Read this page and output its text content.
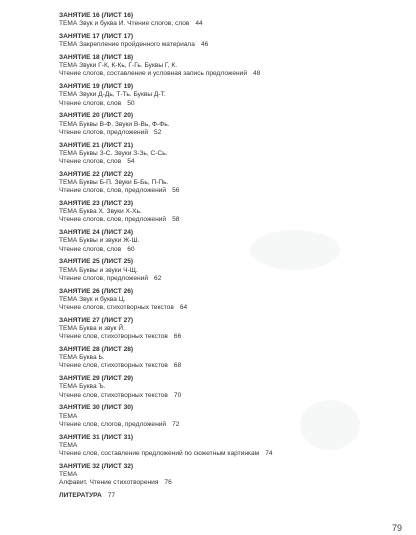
ЗАНЯТИЕ 16 (ЛИСТ 16)
ТЕМА Звук и буква И. Чтение слогов, слов 44
ЗАНЯТИЕ 17 (ЛИСТ 17)
ТЕМА Закрепление пройденного материала 46
ЗАНЯТИЕ 18 (ЛИСТ 18)
ТЕМА Звуки Г-К, К-Кь, Г-Гь. Буквы Г, К.
Чтение слогов, составление и условная запись предложений 48
ЗАНЯТИЕ 19 (ЛИСТ 19)
ТЕМА Звуки Д-Дь, Т-Ть. Буквы Д-Т.
Чтение слогов, слов 50
ЗАНЯТИЕ 20 (ЛИСТ 20)
ТЕМА Буквы В-Ф. Звуки В-Вь, Ф-Фь.
Чтение слогов, предложений 52
ЗАНЯТИЕ 21 (ЛИСТ 21)
ТЕМА Буквы З-С. Звуки З-Зь, С-Сь.
Чтение слогов, слов 54
ЗАНЯТИЕ 22 (ЛИСТ 22)
ТЕМА Буквы Б-П. Звуки Б-Бь, П-Пь.
Чтение слогов, слов, предложений 56
ЗАНЯТИЕ 23 (ЛИСТ 23)
ТЕМА Буква Х. Звуки Х-Хь.
Чтение слогов, слов, предложений 58
ЗАНЯТИЕ 24 (ЛИСТ 24)
ТЕМА Буквы и звуки Ж-Ш.
Чтение слогов, слов 60
ЗАНЯТИЕ 25 (ЛИСТ 25)
ТЕМА Буквы и звуки Ч-Щ.
Чтение слогов, предложений 62
ЗАНЯТИЕ 26 (ЛИСТ 26)
ТЕМА Звук и буква Ц.
Чтение слогов, стихотворных текстов 64
ЗАНЯТИЕ 27 (ЛИСТ 27)
ТЕМА Буква и звук Й.
Чтение слов, стихотворных текстов 66
ЗАНЯТИЕ 28 (ЛИСТ 28)
ТЕМА Буква Ь.
Чтение слов, стихотворных текстов 68
ЗАНЯТИЕ 29 (ЛИСТ 29)
ТЕМА Буква Ъ.
Чтение слов, стихотворных текстов 70
ЗАНЯТИЕ 30 (ЛИСТ 30)
ТЕМА
Чтение слов, слогов, предложений 72
ЗАНЯТИЕ 31 (ЛИСТ 31)
ТЕМА
Чтение слов, составление предложений по сюжетным картинкам 74
ЗАНЯТИЕ 32 (ЛИСТ 32)
ТЕМА
Алфавит. Чтение стихотворения 76
ЛИТЕРАТУРА 77
79
